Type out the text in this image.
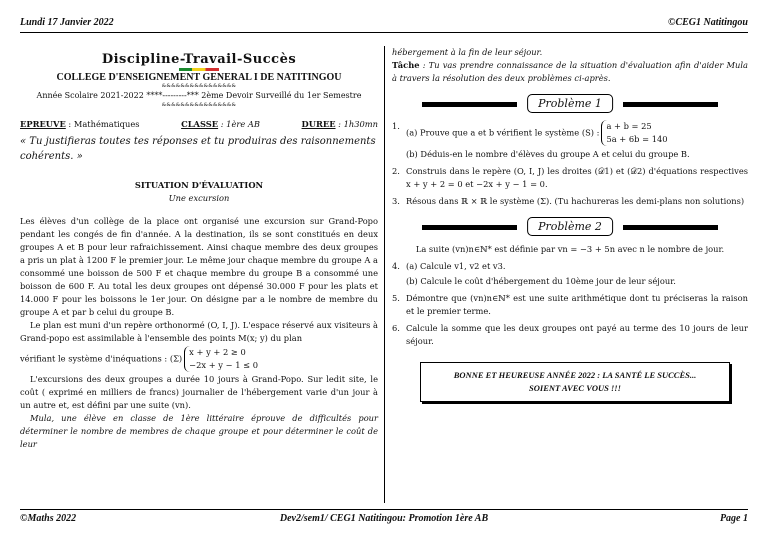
Lundi 17 Janvier 2022	©CEG1 Natitingou
Discipline-Travail-Succès
COLLEGE D'ENSEIGNEMENT GENERAL I DE NATITINGOU
&&&&&&&&&&&&&&&&
Année Scolaire 2021-2022 ****---------*** 2ème Devoir Surveillé du 1er Semestre
&&&&&&&&&&&&&&&&
EPREUVE : Mathématiques	CLASSE : 1ère AB	DUREE : 1h30mn
« Tu justifieras toutes tes réponses et tu produiras des raisonnements cohérents. »
SITUATION D'ÉVALUATION
Une excursion

Les élèves d'un collège de la place ont organisé une excursion sur Grand-Popo pendant les congés de fin d'année. A la destination, ils se sont constitués en deux groupes A et B pour leur rafraichissement. Ainsi chaque membre des deux groupes a pris un plat à 1200 F le premier jour. Le même jour chaque membre du groupe A a consommé une boisson de 500 F et chaque membre du groupe B a consommé une boisson de 600 F. Au total les deux groupes ont dépensé 30.000 F pour les plats et 14.000 F pour les boissons le 1er jour. On désigne par a le nombre de membre du groupe A et par b celui du groupe B.

Le plan est muni d'un repère orthonormé (O, I, J). L'espace réservé aux visiteurs à Grand-popo est assimilable à l'ensemble des points M(x; y) du plan

vérifiant le système d'inéquations : (Σ)x + y + 2 ≥ 0
−2x + y − 1 ≤ 0

L'excursions des deux groupes a durée 10 jours à Grand-Popo. Sur ledit site, le coût ( exprimé en milliers de francs) journalier de l'hébergement varie d'un jour à un autre et, est défini par une suite (vn).

Mula, une élève en classe de 1ère littéraire éprouve de difficultés pour déterminer le nombre de membres de chaque groupe et pour déterminer le coût de leur

hébergement à la fin de leur séjour.

Tâche : Tu vas prendre connaissance de la situation d'évaluation afin d'aider Mula à travers la résolution des deux problèmes ci-après.

Problème 1
1.
(a) Prouve que a et b vérifient le système (S) :a + b = 25
5a + 6b = 140
(b) Déduis-en le nombre d'élèves du groupe A et celui du groupe B.
2. Construis dans le repère (O, I, J) les droites (𝒟1) et (𝒟2) d'équations respectives x + y + 2 = 0 et −2x + y − 1 = 0.
3. Résous dans ℝ × ℝ le système (Σ). (Tu hachureras les demi-plans non solutions)
Problème 2

La suite (vn)n∈ℕ* est définie par vn = −3 + 5n avec n le nombre de jour.

4. (a) Calcule v1, v2 et v3.
(b) Calcule le coût d'hébergement du 10ème jour de leur séjour.
5. Démontre que (vn)n∈ℕ* est une suite arithmétique dont tu préciseras la raison et le premier terme.
6. Calcule la somme que les deux groupes ont payé au terme des 10 jours de leur séjour.
BONNE ET HEUREUSE ANNÉE 2022 : LA SANTÉ LE SUCCÈS...
SOIENT AVEC VOUS !!!
©Maths 2022	Dev2/sem1/ CEG1 Natitingou: Promotion 1ère AB	Page 1
